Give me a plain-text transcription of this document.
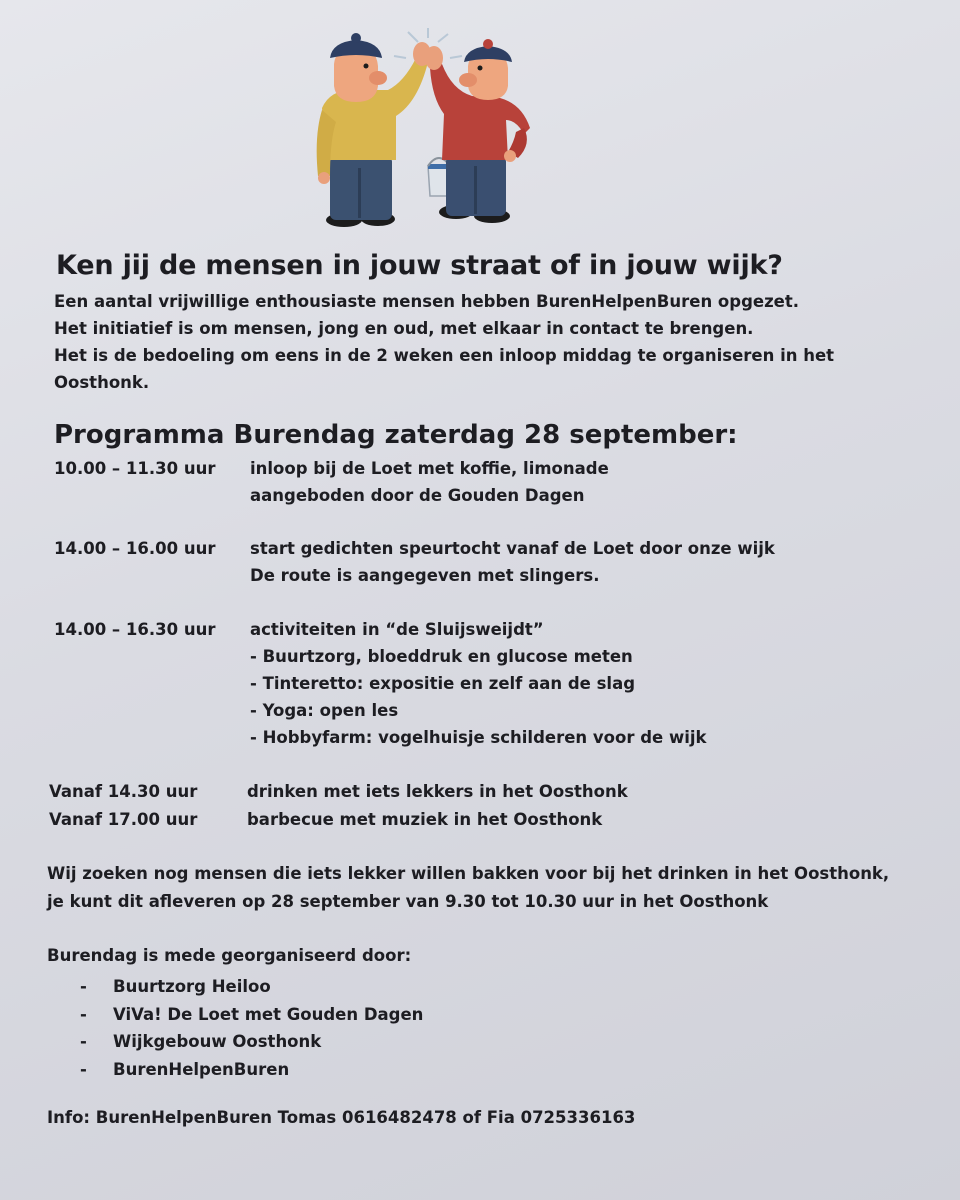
Ken jij de mensen in jouw straat of in jouw wijk?

Een aantal vrijwillige enthousiaste mensen hebben BurenHelpenBuren opgezet.

Het initiatief is om mensen, jong en oud, met elkaar in contact te brengen.

Het is de bedoeling om eens in de 2 weken een inloop middag te organiseren in het

Oosthonk.

Programma Burendag zaterdag 28 september:
10.00 – 11.30 uur inloop bij de Loet met koffie, limonade
aangeboden door de Gouden Dagen
14.00 – 16.00 uur start gedichten speurtocht vanaf de Loet door onze wijk
De route is aangegeven met slingers.
14.00 – 16.30 uur activiteiten in “de Sluijsweijdt”
- Buurtzorg, bloeddruk en glucose meten
- Tinteretto: expositie en zelf aan de slag
- Yoga: open les
- Hobbyfarm: vogelhuisje schilderen voor de wijk
Vanaf 14.30 uur	drinken met iets lekkers in het Oosthonk
Vanaf 17.00 uur	barbecue met muziek in het Oosthonk
Wij zoeken nog mensen die iets lekker willen bakken voor bij het drinken in het Oosthonk,
je kunt dit afleveren op 28 september van 9.30 tot 10.30 uur in het Oosthonk
Burendag is mede georganiseerd door:
- Buurtzorg Heiloo
- ViVa! De Loet met Gouden Dagen
- Wijkgebouw Oosthonk
- BurenHelpenBuren
Info: BurenHelpenBuren Tomas 0616482478 of Fia 0725336163
